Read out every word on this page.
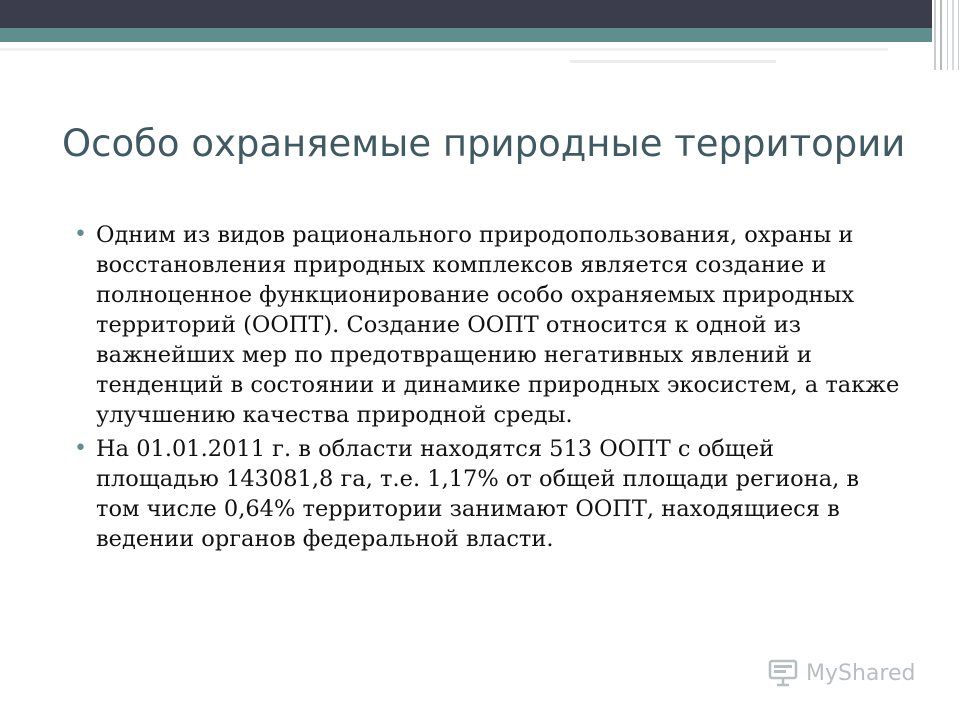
Особо охраняемые природные территории
• Одним из видов рационального природопользования, охраны и восстановления природных комплексов является создание и полноценное функционирование особо охраняемых природных территорий (ООПТ). Создание ООПТ относится к одной из важнейших мер по предотвращению негативных явлений и тенденций в состоянии и динамике природных экосистем, а также улучшению качества природной среды.
• На 01.01.2011 г. в области находятся 513 ООПТ с общей площадью 143081,8 га, т.е. 1,17% от общей площади региона, в том числе 0,64% территории занимают ООПТ, находящиеся в ведении органов федеральной власти.
MyShared
